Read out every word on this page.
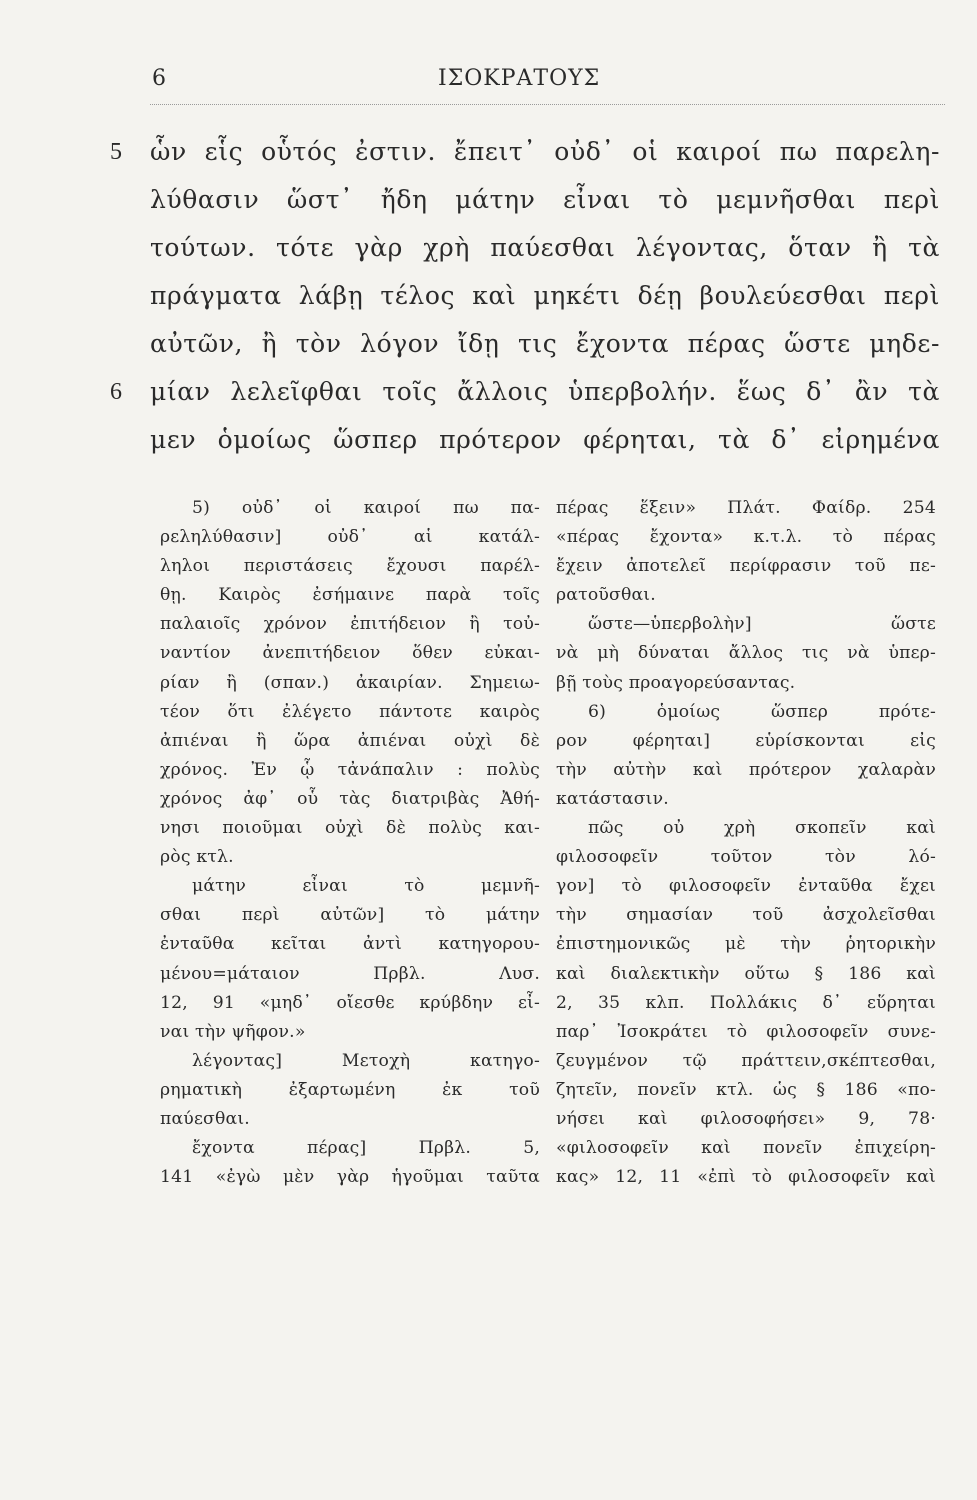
6	ΙΣΟΚΡΑΤΟΥΣ
5 ὧν εἷς οὗτός ἐστιν. ἔπειτ᾽ οὐδ᾽ οἱ καιροί πω παρελη-
λύθασιν ὥστ᾽ ἤδη μάτην εἶναι τὸ μεμνῆσθαι περὶ
τούτων. τότε γὰρ χρὴ παύεσθαι λέγοντας, ὅταν ἢ τὰ
πράγματα λάβῃ τέλος καὶ μηκέτι δέῃ βουλεύεσθαι περὶ
αὐτῶν, ἢ τὸν λόγον ἴδῃ τις ἔχοντα πέρας ὥστε μηδε-
6 μίαν λελεῖφθαι τοῖς ἄλλοις ὑπερβολήν. ἕως δ᾽ ἂν τὰ
μεν ὁμοίως ὥσπερ πρότερον φέρηται, τὰ δ᾽ εἰρημένα
5) οὐδ᾽ οἱ καιροί πω πα-
ρεληλύθασιν] οὐδ᾽ αἱ κατάλ-
ληλοι περιστάσεις ἔχουσι παρέλ-
θῃ. Καιρὸς ἐσήμαινε παρὰ τοῖς
παλαιοῖς χρόνον ἐπιτήδειον ἢ τοὐ-
ναντίον ἀνεπιτήδειον ὅθεν εὐκαι-
ρίαν ἢ (σπαν.) ἀκαιρίαν. Σημειω-
τέον ὅτι ἐλέγετο πάντοτε καιρὸς
ἀπιέναι ἢ ὥρα ἀπιέναι οὐχὶ δὲ
χρόνος. Ἐν ᾧ τἀνάπαλιν : πολὺς
χρόνος ἀφ᾽ οὗ τὰς διατριβὰς Ἀθή-
νησι ποιοῦμαι οὐχὶ δὲ πολὺς και-
ρὸς κτλ.
μάτην εἶναι τὸ μεμνῆ-
σθαι περὶ αὐτῶν] τὸ μάτην
ἐνταῦθα κεῖται ἀντὶ κατηγορου-
μένου=μάταιον Πρβλ. Λυσ.
12, 91 «μηδ᾽ οἴεσθε κρύβδην εἶ-
ναι τὴν ψῆφον.»
λέγοντας] Μετοχὴ κατηγο-
ρηματικὴ ἐξαρτωμένη ἐκ τοῦ
παύεσθαι.
ἔχοντα πέρας] Πρβλ. 5,
141 «ἐγὼ μὲν γὰρ ἡγοῦμαι ταῦτα
πέρας ἕξειν» Πλάτ. Φαίδρ. 254
«πέρας ἔχοντα» κ.τ.λ. τὸ πέρας
ἔχειν ἀποτελεῖ περίφρασιν τοῦ πε-
ρατοῦσθαι.
ὥστε—ὑπερβολὴν] ὥστε
νὰ μὴ δύναται ἄλλος τις νὰ ὑπερ-
βῇ τοὺς προαγορεύσαντας.
6) ὁμοίως ὥσπερ πρότε-
ρον φέρηται] εὑρίσκονται εἰς
τὴν αὐτὴν καὶ πρότερον χαλαρὰν
κατάστασιν.
πῶς οὐ χρὴ σκοπεῖν καὶ
φιλοσοφεῖν τοῦτον τὸν λό-
γον] τὸ φιλοσοφεῖν ἐνταῦθα ἔχει
τὴν σημασίαν τοῦ ἀσχολεῖσθαι
ἐπιστημονικῶς μὲ τὴν ῥητορικὴν
καὶ διαλεκτικὴν οὕτω § 186 καὶ
2, 35 κλπ. Πολλάκις δ᾽ εὕρηται
παρ᾽ Ἰσοκράτει τὸ φιλοσοφεῖν συνε-
ζευγμένον τῷ πράττειν,σκέπτεσθαι,
ζητεῖν, πονεῖν κτλ. ὡς § 186 «πο-
νήσει καὶ φιλοσοφήσει» 9, 78·
«φιλοσοφεῖν καὶ πονεῖν ἐπιχείρη-
κας» 12, 11 «ἐπὶ τὸ φιλοσοφεῖν καὶ
